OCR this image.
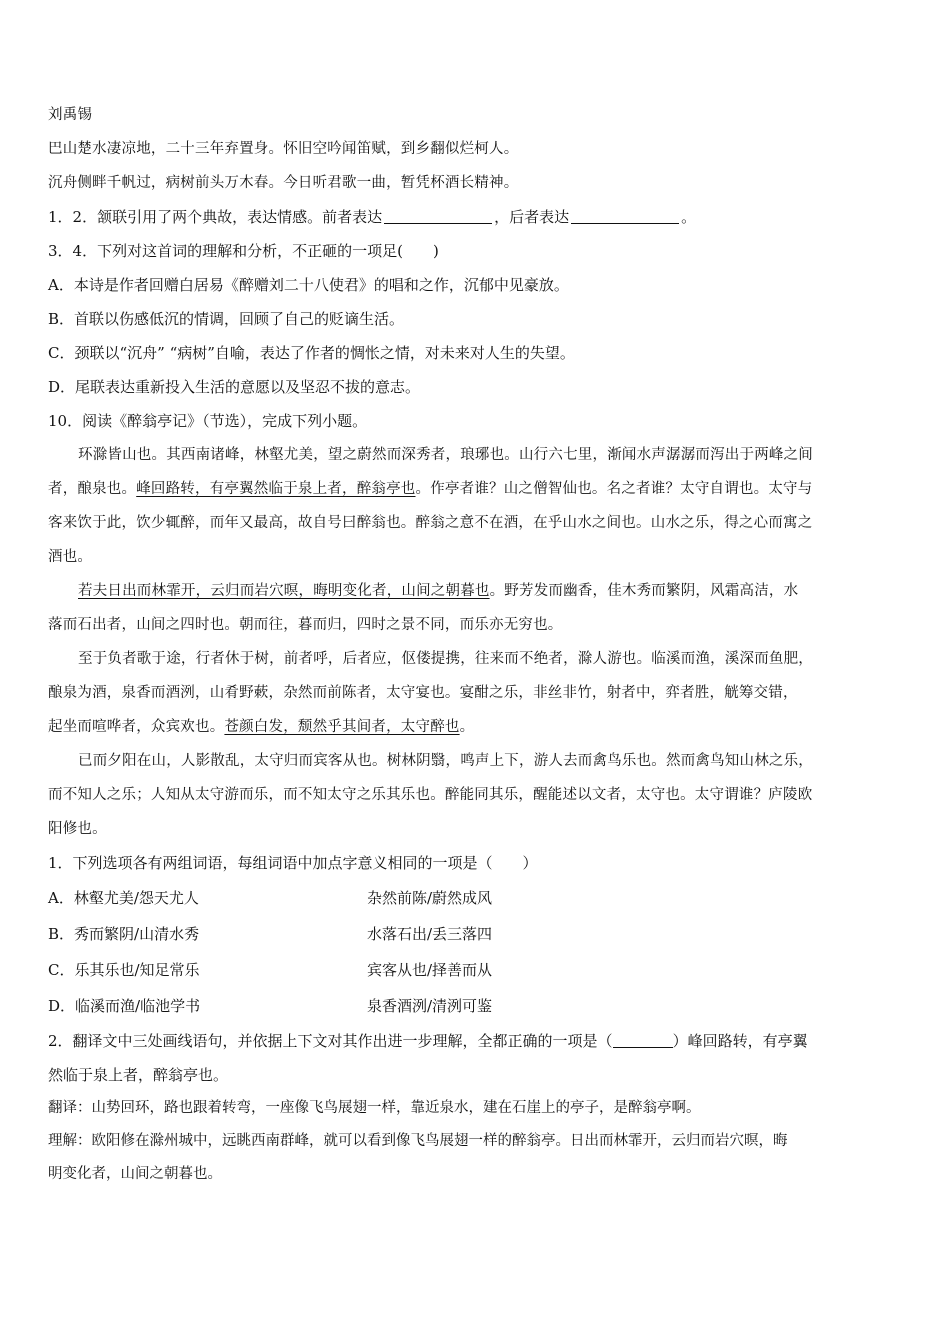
刘禹锡
巴山楚水凄凉地，二十三年弃置身。怀旧空吟闻笛赋，到乡翻似烂柯人。
沉舟侧畔千帆过，病树前头万木春。今日听君歌一曲，暂凭杯酒长精神。
1．2．颔联引用了两个典故，表达情感。前者表达	，后者表达	。
3．4．下列对这首词的理解和分析，不正砸的一项足(　　)
A．本诗是作者回赠白居易《醉赠刘二十八使君》的唱和之作，沉郁中见豪放。
B．首联以伤感低沉的情调，回顾了自己的贬谪生活。
C．颈联以“沉舟” “病树”自喻，表达了作者的惆怅之情，对未来对人生的失望。
D．尾联表达重新投入生活的意愿以及坚忍不拔的意志。
10．阅读《醉翁亭记》（节选），完成下列小题。
环滁皆山也。其西南诸峰，林壑尤美，望之蔚然而深秀者，琅琊也。山行六七里，渐闻水声潺潺而泻出于两峰之间
者，酿泉也。峰回路转，有亭翼然临于泉上者，醉翁亭也。作亭者谁？山之僧智仙也。名之者谁？太守自谓也。太守与
客来饮于此，饮少辄醉，而年又最高，故自号曰醉翁也。醉翁之意不在酒，在乎山水之间也。山水之乐，得之心而寓之
酒也。
若夫日出而林霏开，云归而岩穴暝，晦明变化者，山间之朝暮也。野芳发而幽香，佳木秀而繁阴，风霜高洁，水
落而石出者，山间之四时也。朝而往，暮而归，四时之景不同，而乐亦无穷也。
至于负者歌于途，行者休于树，前者呼，后者应，伛偻提携，往来而不绝者，滁人游也。临溪而渔，溪深而鱼肥，
酿泉为酒，泉香而酒洌，山肴野蔌，杂然而前陈者，太守宴也。宴酣之乐，非丝非竹，射者中，弈者胜，觥筹交错，
起坐而喧哗者，众宾欢也。苍颜白发，颓然乎其间者，太守醉也。
已而夕阳在山，人影散乱，太守归而宾客从也。树林阴翳，鸣声上下，游人去而禽鸟乐也。然而禽鸟知山林之乐，
而不知人之乐；人知从太守游而乐，而不知太守之乐其乐也。醉能同其乐，醒能述以文者，太守也。太守谓谁？庐陵欧
阳修也。
1．下列选项各有两组词语，每组词语中加点字意义相同的一项是（　　）
A．林壑尤美/怨天尤人	杂然前陈/蔚然成风
B．秀而繁阴/山清水秀	水落石出/丢三落四
C．乐其乐也/知足常乐	宾客从也/择善而从
D．临溪而渔/临池学书	泉香酒洌/清洌可鉴
2．翻译文中三处画线语句，并依据上下文对其作出进一步理解，全都正确的一项是（	）峰回路转，有亭翼
然临于泉上者，醉翁亭也。
翻译：山势回环，路也跟着转弯，一座像飞鸟展翅一样，靠近泉水，建在石崖上的亭子，是醉翁亭啊。
理解：欧阳修在滁州城中，远眺西南群峰，就可以看到像飞鸟展翅一样的醉翁亭。日出而林霏开，云归而岩穴暝，晦
明变化者，山间之朝暮也。
